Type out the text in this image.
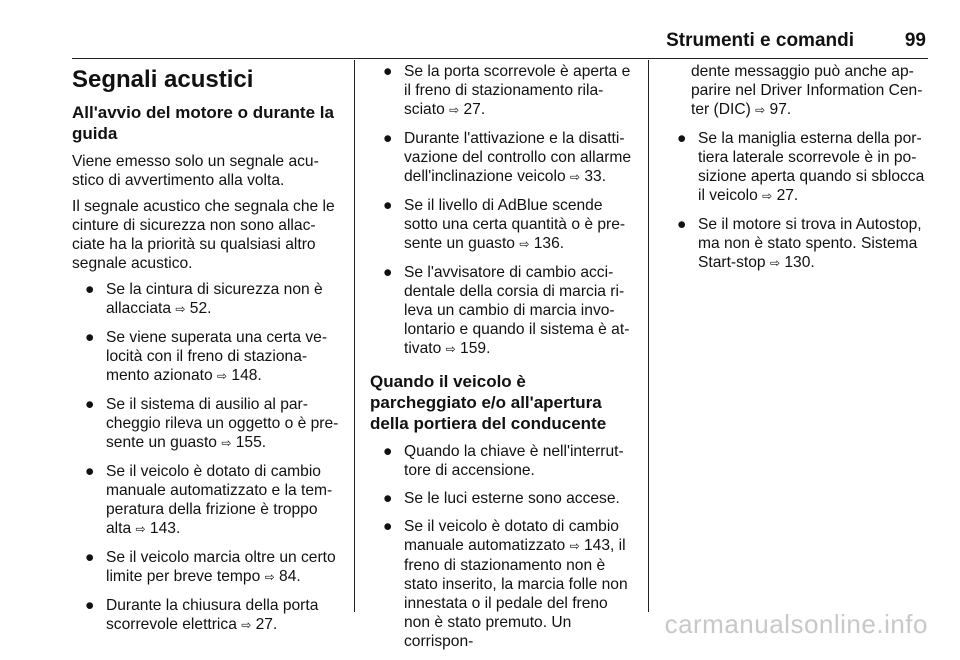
Strumenti e comandi	99
Segnali acustici
All'avvio del motore o durante la guida

Viene emesso solo un segnale acustico di avvertimento alla volta.

Il segnale acustico che segnala che le cinture di sicurezza non sono allacciate ha la priorità su qualsiasi altro segnale acustico.

● Se la cintura di sicurezza non è allacciata ⇨ 52.
● Se viene superata una certa velocità con il freno di stazionamento azionato ⇨ 148.
● Se il sistema di ausilio al parcheggio rileva un oggetto o è presente un guasto ⇨ 155.
● Se il veicolo è dotato di cambio manuale automatizzato e la temperatura della frizione è troppo alta ⇨ 143.
● Se il veicolo marcia oltre un certo limite per breve tempo ⇨ 84.
● Durante la chiusura della porta scorrevole elettrica ⇨ 27.
● Se la porta scorrevole è aperta e il freno di stazionamento rilasciato ⇨ 27.
● Durante l'attivazione e la disattivazione del controllo con allarme dell'inclinazione veicolo ⇨ 33.
● Se il livello di AdBlue scende sotto una certa quantità o è presente un guasto ⇨ 136.
● Se l'avvisatore di cambio accidentale della corsia di marcia rileva un cambio di marcia involontario e quando il sistema è attivato ⇨ 159.
Quando il veicolo è parcheggiato e/o all'apertura della portiera del conducente
● Quando la chiave è nell'interruttore di accensione.
● Se le luci esterne sono accese.
● Se il veicolo è dotato di cambio manuale automatizzato ⇨ 143, il freno di stazionamento non è stato inserito, la marcia folle non innestata o il pedale del freno non è stato premuto. Un corrispon-
dente messaggio può anche apparire nel Driver Information Center (DIC) ⇨ 97.
● Se la maniglia esterna della portiera laterale scorrevole è in posizione aperta quando si sblocca il veicolo ⇨ 27.
● Se il motore si trova in Autostop, ma non è stato spento. Sistema Start-stop ⇨ 130.
carmanualsonline.info
